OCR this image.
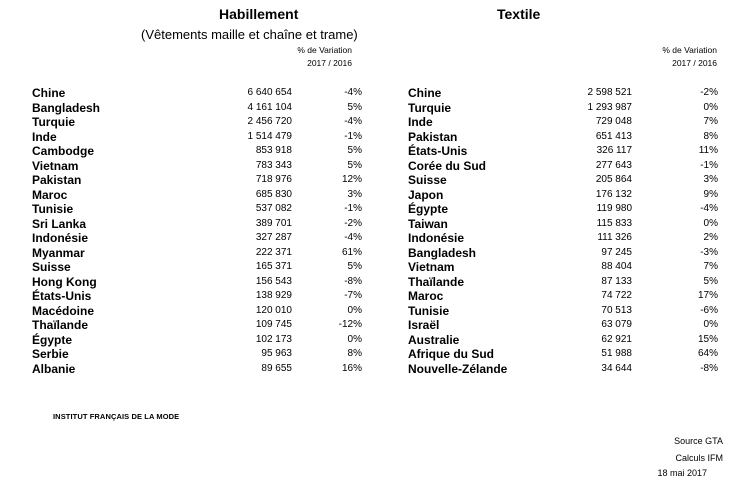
Habillement
(Vêtements maille et chaîne et trame)
% de Variation
2017 / 2016
Textile
% de Variation
2017 / 2016
Chine	6 640 654	-4%
Bangladesh	4 161 104	5%
Turquie	2 456 720	-4%
Inde	1 514 479	-1%
Cambodge	853 918	5%
Vietnam	783 343	5%
Pakistan	718 976	12%
Maroc	685 830	3%
Tunisie	537 082	-1%
Sri Lanka	389 701	-2%
Indonésie	327 287	-4%
Myanmar	222 371	61%
Suisse	165 371	5%
Hong Kong	156 543	-8%
États-Unis	138 929	-7%
Macédoine	120 010	0%
Thaïlande	109 745	-12%
Égypte	102 173	0%
Serbie	95 963	8%
Albanie	89 655	16%
Chine	2 598 521	-2%
Turquie	1 293 987	0%
Inde	729 048	7%
Pakistan	651 413	8%
États-Unis	326 117	11%
Corée du Sud	277 643	-1%
Suisse	205 864	3%
Japon	176 132	9%
Égypte	119 980	-4%
Taiwan	115 833	0%
Indonésie	111 326	2%
Bangladesh	97 245	-3%
Vietnam	88 404	7%
Thaïlande	87 133	5%
Maroc	74 722	17%
Tunisie	70 513	-6%
Israël	63 079	0%
Australie	62 921	15%
Afrique du Sud	51 988	64%
Nouvelle-Zélande	34 644	-8%
INSTITUT FRANÇAIS DE LA MODE
Source GTA
Calculs IFM
18 mai 2017
